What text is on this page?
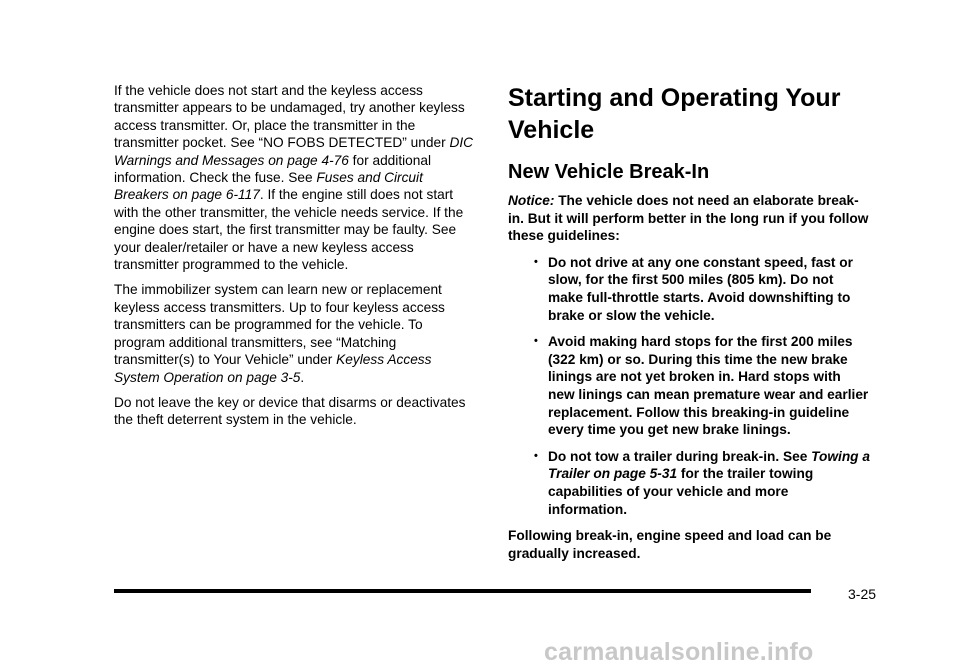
If the vehicle does not start and the keyless access transmitter appears to be undamaged, try another keyless access transmitter. Or, place the transmitter in the transmitter pocket. See “NO FOBS DETECTED” under DIC Warnings and Messages on page 4-76 for additional information. Check the fuse. See Fuses and Circuit Breakers on page 6-117. If the engine still does not start with the other transmitter, the vehicle needs service. If the engine does start, the first transmitter may be faulty. See your dealer/retailer or have a new keyless access transmitter programmed to the vehicle.

The immobilizer system can learn new or replacement keyless access transmitters. Up to four keyless access transmitters can be programmed for the vehicle. To program additional transmitters, see “Matching transmitter(s) to Your Vehicle” under Keyless Access System Operation on page 3-5.

Do not leave the key or device that disarms or deactivates the theft deterrent system in the vehicle.

Starting and Operating Your Vehicle
New Vehicle Break-In

Notice: The vehicle does not need an elaborate break-in. But it will perform better in the long run if you follow these guidelines:

• Do not drive at any one constant speed, fast or slow, for the first 500 miles (805 km). Do not make full-throttle starts. Avoid downshifting to brake or slow the vehicle.
• Avoid making hard stops for the first 200 miles (322 km) or so. During this time the new brake linings are not yet broken in. Hard stops with new linings can mean premature wear and earlier replacement. Follow this breaking-in guideline every time you get new brake linings.
• Do not tow a trailer during break-in. See Towing a Trailer on page 5-31 for the trailer towing capabilities of your vehicle and more information.

Following break-in, engine speed and load can be gradually increased.

3-25
carmanualsonline.info
